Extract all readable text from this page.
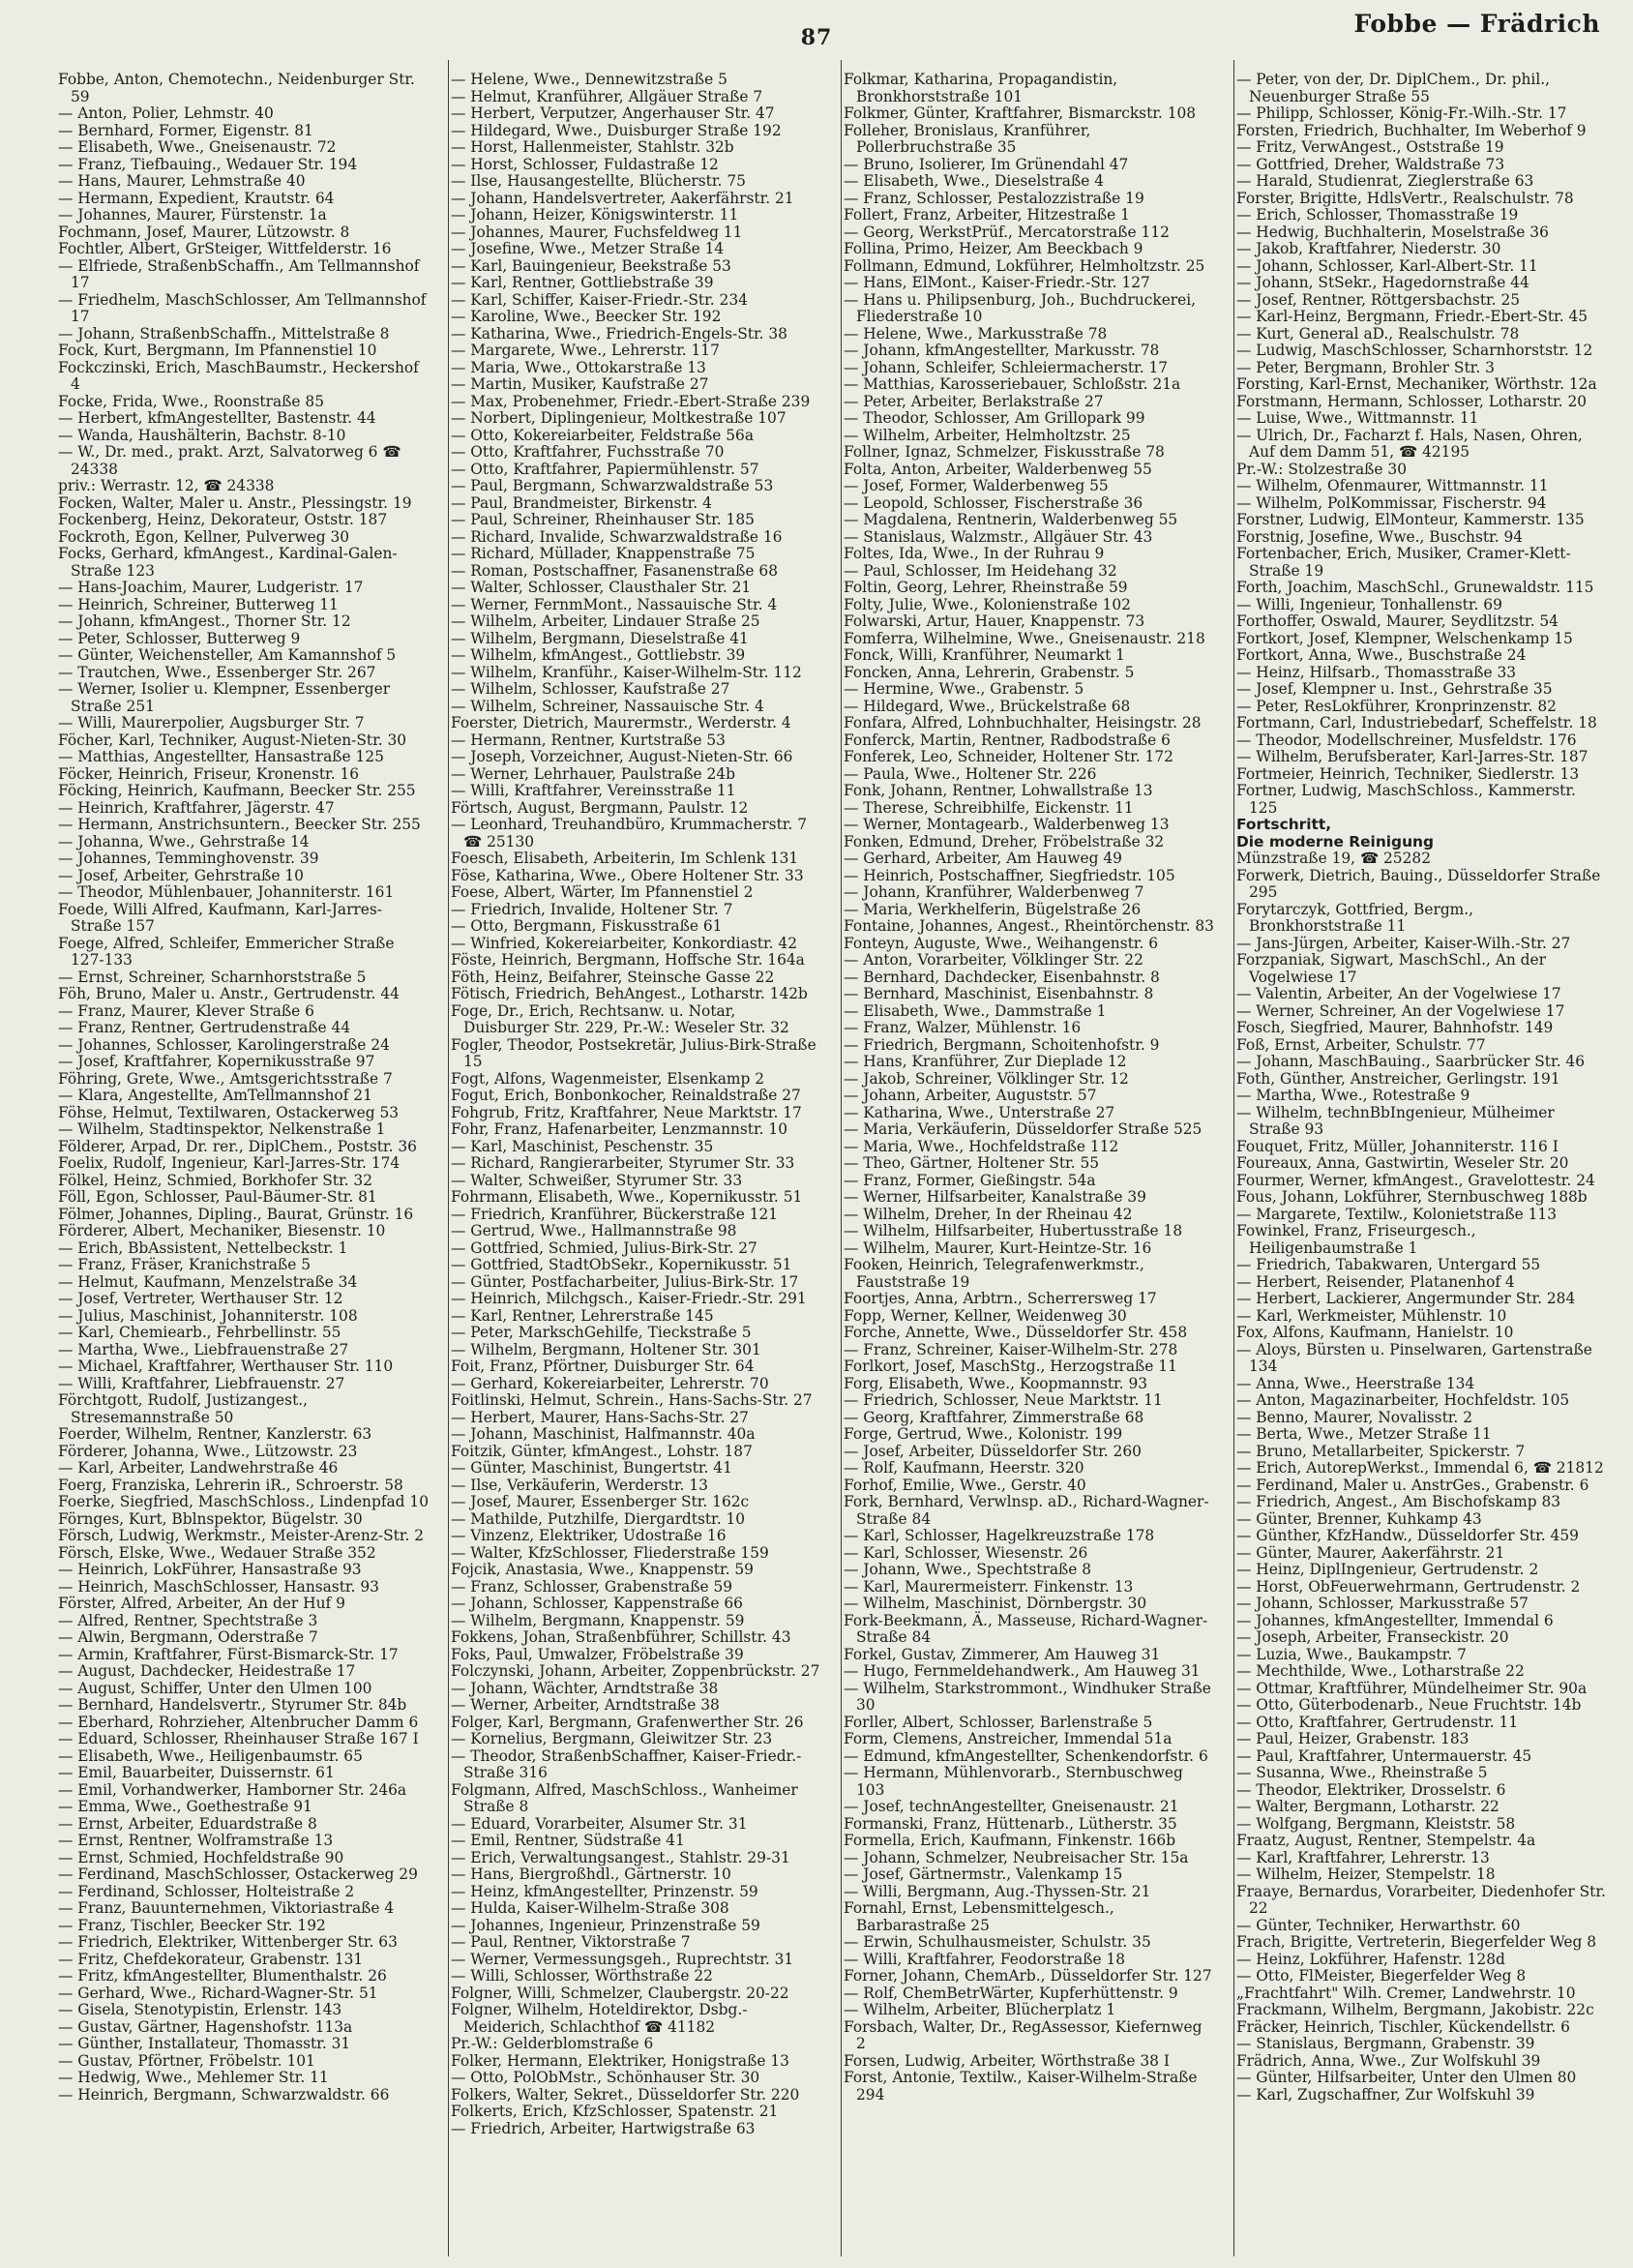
87	Fobbe — Frädrich
Fobbe, Anton, Chemotechn., Neidenburger Str. 59
— Anton, Polier, Lehmstr. 40
— Bernhard, Former, Eigenstr. 81
— Elisabeth, Wwe., Gneisenaustr. 72
— Franz, Tiefbauing., Wedauer Str. 194
— Hans, Maurer, Lehmstraße 40
— Hermann, Expedient, Krautstr. 64
— Johannes, Maurer, Fürstenstr. 1a
Fochmann, Josef, Maurer, Lützowstr. 8
Fochtler, Albert, GrSteiger, Wittfelderstr. 16
— Elfriede, StraßenbSchaffn., Am Tellmannshof 17
— Friedhelm, MaschSchlosser, Am Tellmannshof 17
— Johann, StraßenbSchaffn., Mittelstraße 8
Fock, Kurt, Bergmann, Im Pfannenstiel 10
Fockczinski, Erich, MaschBaumstr., Heckershof 4
Focke, Frida, Wwe., Roonstraße 85
— Herbert, kfmAngestellter, Bastenstr. 44
— Wanda, Haushälterin, Bachstr. 8-10
— W., Dr. med., prakt. Arzt, Salvatorweg 6 ☎ 24338
priv.: Werrastr. 12, ☎ 24338
Focken, Walter, Maler u. Anstr., Plessingstr. 19
Fockenberg, Heinz, Dekorateur, Oststr. 187
Fockroth, Egon, Kellner, Pulverweg 30
Focks, Gerhard, kfmAngest., Kardinal-Galen-Straße 123
— Hans-Joachim, Maurer, Ludgeristr. 17
— Heinrich, Schreiner, Butterweg 11
— Johann, kfmAngest., Thorner Str. 12
— Peter, Schlosser, Butterweg 9
— Günter, Weichensteller, Am Kamannshof 5
— Trautchen, Wwe., Essenberger Str. 267
— Werner, Isolier u. Klempner, Essenberger Straße 251
— Willi, Maurerpolier, Augsburger Str. 7
Föcher, Karl, Techniker, August-Nieten-Str. 30
— Matthias, Angestellter, Hansastraße 125
Föcker, Heinrich, Friseur, Kronenstr. 16
Föcking, Heinrich, Kaufmann, Beecker Str. 255
— Heinrich, Kraftfahrer, Jägerstr. 47
— Hermann, Anstrichsuntern., Beecker Str. 255
— Johanna, Wwe., Gehrstraße 14
— Johannes, Temminghovenstr. 39
— Josef, Arbeiter, Gehrstraße 10
— Theodor, Mühlenbauer, Johanniterstr. 161
Foede, Willi Alfred, Kaufmann, Karl-Jarres-Straße 157
Foege, Alfred, Schleifer, Emmericher Straße 127-133
— Ernst, Schreiner, Scharnhorststraße 5
Föh, Bruno, Maler u. Anstr., Gertrudenstr. 44
— Franz, Maurer, Klever Straße 6
— Franz, Rentner, Gertrudenstraße 44
— Johannes, Schlosser, Karolingerstraße 24
— Josef, Kraftfahrer, Kopernikusstraße 97
Föhring, Grete, Wwe., Amtsgerichtsstraße 7
— Klara, Angestellte, AmTellmannshof 21
Föhse, Helmut, Textilwaren, Ostackerweg 53
— Wilhelm, Stadtinspektor, Nelkenstraße 1
Földerer, Arpad, Dr. rer., DiplChem., Poststr. 36
Foelix, Rudolf, Ingenieur, Karl-Jarres-Str. 174
Fölkel, Heinz, Schmied, Borkhofer Str. 32
Föll, Egon, Schlosser, Paul-Bäumer-Str. 81
Fölmer, Johannes, Dipling., Baurat, Grünstr. 16
Förderer, Albert, Mechaniker, Biesenstr. 10
— Erich, BbAssistent, Nettelbeckstr. 1
— Franz, Fräser, Kranichstraße 5
— Helmut, Kaufmann, Menzelstraße 34
— Josef, Vertreter, Werthauser Str. 12
— Julius, Maschinist, Johanniterstr. 108
— Karl, Chemiearb., Fehrbellinstr. 55
— Martha, Wwe., Liebfrauenstraße 27
— Michael, Kraftfahrer, Werthauser Str. 110
— Willi, Kraftfahrer, Liebfrauenstr. 27
Förchtgott, Rudolf, Justizangest., Stresemannstraße 50
Foerder, Wilhelm, Rentner, Kanzlerstr. 63
Förderer, Johanna, Wwe., Lützowstr. 23
— Karl, Arbeiter, Landwehrstraße 46
Foerg, Franziska, Lehrerin iR., Schroerstr. 58
Foerke, Siegfried, MaschSchloss., Lindenpfad 10
Förnges, Kurt, Bblnspektor, Bügelstr. 30
Försch, Ludwig, Werkmstr., Meister-Arenz-Str. 2
Försch, Elske, Wwe., Wedauer Straße 352
— Heinrich, LokFührer, Hansastraße 93
— Heinrich, MaschSchlosser, Hansastr. 93
Förster, Alfred, Arbeiter, An der Huf 9
— Alfred, Rentner, Spechtstraße 3
— Alwin, Bergmann, Oderstraße 7
— Armin, Kraftfahrer, Fürst-Bismarck-Str. 17
— August, Dachdecker, Heidestraße 17
— August, Schiffer, Unter den Ulmen 100
— Bernhard, Handelsvertr., Styrumer Str. 84b
— Eberhard, Rohrzieher, Altenbrucher Damm 6
— Eduard, Schlosser, Rheinhauser Straße 167 I
— Elisabeth, Wwe., Heiligenbaumstr. 65
— Emil, Bauarbeiter, Duissernstr. 61
— Emil, Vorhandwerker, Hamborner Str. 246a
— Emma, Wwe., Goethestraße 91
— Ernst, Arbeiter, Eduardstraße 8
— Ernst, Rentner, Wolframstraße 13
— Ernst, Schmied, Hochfeldstraße 90
— Ferdinand, MaschSchlosser, Ostackerweg 29
— Ferdinand, Schlosser, Holteistraße 2
— Franz, Bauunternehmen, Viktoriastraße 4
— Franz, Tischler, Beecker Str. 192
— Friedrich, Elektriker, Wittenberger Str. 63
— Fritz, Chefdekorateur, Grabenstr. 131
— Fritz, kfmAngestellter, Blumenthalstr. 26
— Gerhard, Wwe., Richard-Wagner-Str. 51
— Gisela, Stenotypistin, Erlenstr. 143
— Gustav, Gärtner, Hagenshofstr. 113a
— Günther, Installateur, Thomasstr. 31
— Gustav, Pförtner, Fröbelstr. 101
— Hedwig, Wwe., Mehlemer Str. 11
— Heinrich, Bergmann, Schwarzwaldstr. 66
— Helene, Wwe., Dennewitzstraße 5
— Helmut, Kranführer, Allgäuer Straße 7
— Herbert, Verputzer, Angerhauser Str. 47
— Hildegard, Wwe., Duisburger Straße 192
— Horst, Hallenmeister, Stahlstr. 32b
— Horst, Schlosser, Fuldastraße 12
— Ilse, Hausangestellte, Blücherstr. 75
— Johann, Handelsvertreter, Aakerfährstr. 21
— Johann, Heizer, Königswinterstr. 11
— Johannes, Maurer, Fuchsfeldweg 11
— Josefine, Wwe., Metzer Straße 14
— Karl, Bauingenieur, Beekstraße 53
— Karl, Rentner, Gottliebstraße 39
— Karl, Schiffer, Kaiser-Friedr.-Str. 234
— Karoline, Wwe., Beecker Str. 192
— Katharina, Wwe., Friedrich-Engels-Str. 38
— Margarete, Wwe., Lehrerstr. 117
— Maria, Wwe., Ottokarstraße 13
— Martin, Musiker, Kaufstraße 27
— Max, Probenehmer, Friedr.-Ebert-Straße 239
— Norbert, Diplingenieur, Moltkestraße 107
— Otto, Kokereiarbeiter, Feldstraße 56a
— Otto, Kraftfahrer, Fuchsstraße 70
— Otto, Kraftfahrer, Papiermühlenstr. 57
— Paul, Bergmann, Schwarzwaldstraße 53
— Paul, Brandmeister, Birkenstr. 4
— Paul, Schreiner, Rheinhauser Str. 185
— Richard, Invalide, Schwarzwaldstraße 16
— Richard, Müllader, Knappenstraße 75
— Roman, Postschaffner, Fasanenstraße 68
— Walter, Schlosser, Clausthaler Str. 21
— Werner, FernmMont., Nassauische Str. 4
— Wilhelm, Arbeiter, Lindauer Straße 25
— Wilhelm, Bergmann, Dieselstraße 41
— Wilhelm, kfmAngest., Gottliebstr. 39
— Wilhelm, Kranführ., Kaiser-Wilhelm-Str. 112
— Wilhelm, Schlosser, Kaufstraße 27
— Wilhelm, Schreiner, Nassauische Str. 4
Foerster, Dietrich, Maurermstr., Werderstr. 4
— Hermann, Rentner, Kurtstraße 53
— Joseph, Vorzeichner, August-Nieten-Str. 66
— Werner, Lehrhauer, Paulstraße 24b
— Willi, Kraftfahrer, Vereinsstraße 11
Förtsch, August, Bergmann, Paulstr. 12
— Leonhard, Treuhandbüro, Krummacherstr. 7 ☎ 25130
Foesch, Elisabeth, Arbeiterin, Im Schlenk 131
Föse, Katharina, Wwe., Obere Holtener Str. 33
Foese, Albert, Wärter, Im Pfannenstiel 2
— Friedrich, Invalide, Holtener Str. 7
— Otto, Bergmann, Fiskusstraße 61
— Winfried, Kokereiarbeiter, Konkordiastr. 42
Föste, Heinrich, Bergmann, Hoffsche Str. 164a
Föth, Heinz, Beifahrer, Steinsche Gasse 22
Fötisch, Friedrich, BehAngest., Lotharstr. 142b
Foge, Dr., Erich, Rechtsanw. u. Notar, Duisburger Str. 229, Pr.-W.: Weseler Str. 32
Fogler, Theodor, Postsekretär, Julius-Birk-Straße 15
Fogt, Alfons, Wagenmeister, Elsenkamp 2
Fogut, Erich, Bonbonkocher, Reinaldstraße 27
Fohgrub, Fritz, Kraftfahrer, Neue Marktstr. 17
Fohr, Franz, Hafenarbeiter, Lenzmannstr. 10
— Karl, Maschinist, Peschenstr. 35
— Richard, Rangierarbeiter, Styrumer Str. 33
— Walter, Schweißer, Styrumer Str. 33
Fohrmann, Elisabeth, Wwe., Kopernikusstr. 51
— Friedrich, Kranführer, Bückerstraße 121
— Gertrud, Wwe., Hallmannstraße 98
— Gottfried, Schmied, Julius-Birk-Str. 27
— Gottfried, StadtObSekr., Kopernikusstr. 51
— Günter, Postfacharbeiter, Julius-Birk-Str. 17
— Heinrich, Milchgsch., Kaiser-Friedr.-Str. 291
— Karl, Rentner, Lehrerstraße 145
— Peter, MarkschGehilfe, Tieckstraße 5
— Wilhelm, Bergmann, Holtener Str. 301
Foit, Franz, Pförtner, Duisburger Str. 64
— Gerhard, Kokereiarbeiter, Lehrerstr. 70
Foitlinski, Helmut, Schrein., Hans-Sachs-Str. 27
— Herbert, Maurer, Hans-Sachs-Str. 27
— Johann, Maschinist, Halfmannstr. 40a
Foitzik, Günter, kfmAngest., Lohstr. 187
— Günter, Maschinist, Bungertstr. 41
— Ilse, Verkäuferin, Werderstr. 13
— Josef, Maurer, Essenberger Str. 162c
— Mathilde, Putzhilfe, Diergardtstr. 10
— Vinzenz, Elektriker, Udostraße 16
— Walter, KfzSchlosser, Fliederstraße 159
Fojcik, Anastasia, Wwe., Knappenstr. 59
— Franz, Schlosser, Grabenstraße 59
— Johann, Schlosser, Kappenstraße 66
— Wilhelm, Bergmann, Knappenstr. 59
Fokkens, Johan, Straßenbführer, Schillstr. 43
Foks, Paul, Umwalzer, Fröbelstraße 39
Folczynski, Johann, Arbeiter, Zoppenbrückstr. 27
— Johann, Wächter, Arndtstraße 38
— Werner, Arbeiter, Arndtstraße 38
Folger, Karl, Bergmann, Grafenwerther Str. 26
— Kornelius, Bergmann, Gleiwitzer Str. 23
— Theodor, StraßenbSchaffner, Kaiser-Friedr.-Straße 316
Folgmann, Alfred, MaschSchloss., Wanheimer Straße 8
— Eduard, Vorarbeiter, Alsumer Str. 31
— Emil, Rentner, Südstraße 41
— Erich, Verwaltungsangest., Stahlstr. 29-31
— Hans, Biergroßhdl., Gärtnerstr. 10
— Heinz, kfmAngestellter, Prinzenstr. 59
— Hulda, Kaiser-Wilhelm-Straße 308
— Johannes, Ingenieur, Prinzenstraße 59
— Paul, Rentner, Viktorstraße 7
— Werner, Vermessungsgeh., Ruprechtstr. 31
— Willi, Schlosser, Wörthstraße 22
Folgner, Willi, Schmelzer, Claubergstr. 20-22
Folgner, Wilhelm, Hoteldirektor, Dsbg.-Meiderich, Schlachthof ☎ 41182
Pr.-W.: Gelderblomstraße 6
Folker, Hermann, Elektriker, Honigstraße 13
— Otto, PolObMstr., Schönhauser Str. 30
Folkers, Walter, Sekret., Düsseldorfer Str. 220
Folkerts, Erich, KfzSchlosser, Spatenstr. 21
— Friedrich, Arbeiter, Hartwigstraße 63
Folkmar, Katharina, Propagandistin, Bronkhorststraße 101
Folkmer, Günter, Kraftfahrer, Bismarckstr. 108
Folleher, Bronislaus, Kranführer, Pollerbruchstraße 35
— Bruno, Isolierer, Im Grünendahl 47
— Elisabeth, Wwe., Dieselstraße 4
— Franz, Schlosser, Pestalozzistraße 19
Follert, Franz, Arbeiter, Hitzestraße 1
— Georg, WerkstPrüf., Mercatorstraße 112
Follina, Primo, Heizer, Am Beeckbach 9
Follmann, Edmund, Lokführer, Helmholtzstr. 25
— Hans, ElMont., Kaiser-Friedr.-Str. 127
— Hans u. Philipsenburg, Joh., Buchdruckerei, Fliederstraße 10
— Helene, Wwe., Markusstraße 78
— Johann, kfmAngestellter, Markusstr. 78
— Johann, Schleifer, Schleiermacherstr. 17
— Matthias, Karosseriebauer, Schloßstr. 21a
— Peter, Arbeiter, Berlakstraße 27
— Theodor, Schlosser, Am Grillopark 99
— Wilhelm, Arbeiter, Helmholtzstr. 25
Follner, Ignaz, Schmelzer, Fiskusstraße 78
Folta, Anton, Arbeiter, Walderbenweg 55
— Josef, Former, Walderbenweg 55
— Leopold, Schlosser, Fischerstraße 36
— Magdalena, Rentnerin, Walderbenweg 55
— Stanislaus, Walzmstr., Allgäuer Str. 43
Foltes, Ida, Wwe., In der Ruhrau 9
— Paul, Schlosser, Im Heidehang 32
Foltin, Georg, Lehrer, Rheinstraße 59
Folty, Julie, Wwe., Kolonienstraße 102
Folwarski, Artur, Hauer, Knappenstr. 73
Fomferra, Wilhelmine, Wwe., Gneisenaustr. 218
Fonck, Willi, Kranführer, Neumarkt 1
Foncken, Anna, Lehrerin, Grabenstr. 5
— Hermine, Wwe., Grabenstr. 5
— Hildegard, Wwe., Brückelstraße 68
Fonfara, Alfred, Lohnbuchhalter, Heisingstr. 28
Fonferck, Martin, Rentner, Radbodstraße 6
Fonferek, Leo, Schneider, Holtener Str. 172
— Paula, Wwe., Holtener Str. 226
Fonk, Johann, Rentner, Lohwallstraße 13
— Therese, Schreibhilfe, Eickenstr. 11
— Werner, Montagearb., Walderbenweg 13
Fonken, Edmund, Dreher, Fröbelstraße 32
— Gerhard, Arbeiter, Am Hauweg 49
— Heinrich, Postschaffner, Siegfriedstr. 105
— Johann, Kranführer, Walderbenweg 7
— Maria, Werkhelferin, Bügelstraße 26
Fontaine, Johannes, Angest., Rheintörchenstr. 83
Fonteyn, Auguste, Wwe., Weihangenstr. 6
— Anton, Vorarbeiter, Völklinger Str. 22
— Bernhard, Dachdecker, Eisenbahnstr. 8
— Bernhard, Maschinist, Eisenbahnstr. 8
— Elisabeth, Wwe., Dammstraße 1
— Franz, Walzer, Mühlenstr. 16
— Friedrich, Bergmann, Schoitenhofstr. 9
— Hans, Kranführer, Zur Dieplade 12
— Jakob, Schreiner, Völklinger Str. 12
— Johann, Arbeiter, Auguststr. 57
— Katharina, Wwe., Unterstraße 27
— Maria, Verkäuferin, Düsseldorfer Straße 525
— Maria, Wwe., Hochfeldstraße 112
— Theo, Gärtner, Holtener Str. 55
— Franz, Former, Gießingstr. 54a
— Werner, Hilfsarbeiter, Kanalstraße 39
— Wilhelm, Dreher, In der Rheinau 42
— Wilhelm, Hilfsarbeiter, Hubertusstraße 18
— Wilhelm, Maurer, Kurt-Heintze-Str. 16
Fooken, Heinrich, Telegrafenwerkmstr., Fauststraße 19
Foortjes, Anna, Arbtrn., Scherrersweg 17
Fopp, Werner, Kellner, Weidenweg 30
Forche, Annette, Wwe., Düsseldorfer Str. 458
— Franz, Schreiner, Kaiser-Wilhelm-Str. 278
Forlkort, Josef, MaschStg., Herzogstraße 11
Forg, Elisabeth, Wwe., Koopmannstr. 93
— Friedrich, Schlosser, Neue Marktstr. 11
— Georg, Kraftfahrer, Zimmerstraße 68
Forge, Gertrud, Wwe., Kolonistr. 199
— Josef, Arbeiter, Düsseldorfer Str. 260
— Rolf, Kaufmann, Heerstr. 320
Forhof, Emilie, Wwe., Gerstr. 40
Fork, Bernhard, Verwlnsp. aD., Richard-Wagner-Straße 84
— Karl, Schlosser, Hagelkreuzstraße 178
— Karl, Schlosser, Wiesenstr. 26
— Johann, Wwe., Spechtstraße 8
— Karl, Maurermeisterr. Finkenstr. 13
— Wilhelm, Maschinist, Dörnbergstr. 30
Fork-Beekmann, Ä., Masseuse, Richard-Wagner-Straße 84
Forkel, Gustav, Zimmerer, Am Hauweg 31
— Hugo, Fernmeldehandwerk., Am Hauweg 31
— Wilhelm, Starkstrommont., Windhuker Straße 30
Forller, Albert, Schlosser, Barlenstraße 5
Form, Clemens, Anstreicher, Immendal 51a
— Edmund, kfmAngestellter, Schenkendorfstr. 6
— Hermann, Mühlenvorarb., Sternbuschweg 103
— Josef, technAngestellter, Gneisenaustr. 21
Formanski, Franz, Hüttenarb., Lütherstr. 35
Formella, Erich, Kaufmann, Finkenstr. 166b
— Johann, Schmelzer, Neubreisacher Str. 15a
— Josef, Gärtnermstr., Valenkamp 15
— Willi, Bergmann, Aug.-Thyssen-Str. 21
Fornahl, Ernst, Lebensmittelgesch., Barbarastraße 25
— Erwin, Schulhausmeister, Schulstr. 35
— Willi, Kraftfahrer, Feodorstraße 18
Forner, Johann, ChemArb., Düsseldorfer Str. 127
— Rolf, ChemBetrWärter, Kupferhüttenstr. 9
— Wilhelm, Arbeiter, Blücherplatz 1
Forsbach, Walter, Dr., RegAssessor, Kiefernweg 2
Forsen, Ludwig, Arbeiter, Wörthstraße 38 I
Forst, Antonie, Textilw., Kaiser-Wilhelm-Straße 294
— Peter, von der, Dr. DiplChem., Dr. phil., Neuenburger Straße 55
— Philipp, Schlosser, König-Fr.-Wilh.-Str. 17
Forsten, Friedrich, Buchhalter, Im Weberhof 9
— Fritz, VerwAngest., Oststraße 19
— Gottfried, Dreher, Waldstraße 73
— Harald, Studienrat, Zieglerstraße 63
Forster, Brigitte, HdlsVertr., Realschulstr. 78
— Erich, Schlosser, Thomasstraße 19
— Hedwig, Buchhalterin, Moselstraße 36
— Jakob, Kraftfahrer, Niederstr. 30
— Johann, Schlosser, Karl-Albert-Str. 11
— Johann, StSekr., Hagedornstraße 44
— Josef, Rentner, Röttgersbachstr. 25
— Karl-Heinz, Bergmann, Friedr.-Ebert-Str. 45
— Kurt, General aD., Realschulstr. 78
— Ludwig, MaschSchlosser, Scharnhorststr. 12
— Peter, Bergmann, Brohler Str. 3
Forsting, Karl-Ernst, Mechaniker, Wörthstr. 12a
Forstmann, Hermann, Schlosser, Lotharstr. 20
— Luise, Wwe., Wittmannstr. 11
— Ulrich, Dr., Facharzt f. Hals, Nasen, Ohren, Auf dem Damm 51, ☎ 42195
Pr.-W.: Stolzestraße 30
— Wilhelm, Ofenmaurer, Wittmannstr. 11
— Wilhelm, PolKommissar, Fischerstr. 94
Forstner, Ludwig, ElMonteur, Kammerstr. 135
Forstnig, Josefine, Wwe., Buschstr. 94
Fortenbacher, Erich, Musiker, Cramer-Klett-Straße 19
Forth, Joachim, MaschSchl., Grunewaldstr. 115
— Willi, Ingenieur, Tonhallenstr. 69
Forthoffer, Oswald, Maurer, Seydlitzstr. 54
Fortkort, Josef, Klempner, Welschenkamp 15
Fortkort, Anna, Wwe., Buschstraße 24
— Heinz, Hilfsarb., Thomasstraße 33
— Josef, Klempner u. Inst., Gehrstraße 35
— Peter, ResLokführer, Kronprinzenstr. 82
Fortmann, Carl, Industriebedarf, Scheffelstr. 18
— Theodor, Modellschreiner, Musfeldstr. 176
— Wilhelm, Berufsberater, Karl-Jarres-Str. 187
Fortmeier, Heinrich, Techniker, Siedlerstr. 13
Fortner, Ludwig, MaschSchloss., Kammerstr. 125
Fortschritt,
Die moderne Reinigung
Münzstraße 19, ☎ 25282
Forwerk, Dietrich, Bauing., Düsseldorfer Straße 295
Forytarczyk, Gottfried, Bergm., Bronkhorststraße 11
— Jans-Jürgen, Arbeiter, Kaiser-Wilh.-Str. 27
Forzpaniak, Sigwart, MaschSchl., An der Vogelwiese 17
— Valentin, Arbeiter, An der Vogelwiese 17
— Werner, Schreiner, An der Vogelwiese 17
Fosch, Siegfried, Maurer, Bahnhofstr. 149
Foß, Ernst, Arbeiter, Schulstr. 77
— Johann, MaschBauing., Saarbrücker Str. 46
Foth, Günther, Anstreicher, Gerlingstr. 191
— Martha, Wwe., Rotestraße 9
— Wilhelm, technBbIngenieur, Mülheimer Straße 93
Fouquet, Fritz, Müller, Johanniterstr. 116 I
Foureaux, Anna, Gastwirtin, Weseler Str. 20
Fourmer, Werner, kfmAngest., Gravelottestr. 24
Fous, Johann, Lokführer, Sternbuschweg 188b
— Margarete, Textilw., Kolonietstraße 113
Fowinkel, Franz, Friseurgesch., Heiligenbaumstraße 1
— Friedrich, Tabakwaren, Untergard 55
— Herbert, Reisender, Platanenhof 4
— Herbert, Lackierer, Angermunder Str. 284
— Karl, Werkmeister, Mühlenstr. 10
Fox, Alfons, Kaufmann, Hanielstr. 10
— Aloys, Bürsten u. Pinselwaren, Gartenstraße 134
— Anna, Wwe., Heerstraße 134
— Anton, Magazinarbeiter, Hochfeldstr. 105
— Benno, Maurer, Novalisstr. 2
— Berta, Wwe., Metzer Straße 11
— Bruno, Metallarbeiter, Spickerstr. 7
— Erich, AutorepWerkst., Immendal 6, ☎ 21812
— Ferdinand, Maler u. AnstrGes., Grabenstr. 6
— Friedrich, Angest., Am Bischofskamp 83
— Günter, Brenner, Kuhkamp 43
— Günther, KfzHandw., Düsseldorfer Str. 459
— Günter, Maurer, Aakerfährstr. 21
— Heinz, DiplIngenieur, Gertrudenstr. 2
— Horst, ObFeuerwehrmann, Gertrudenstr. 2
— Johann, Schlosser, Markusstraße 57
— Johannes, kfmAngestellter, Immendal 6
— Joseph, Arbeiter, Franseckistr. 20
— Luzia, Wwe., Baukampstr. 7
— Mechthilde, Wwe., Lotharstraße 22
— Ottmar, Kraftführer, Mündelheimer Str. 90a
— Otto, Güterbodenarb., Neue Fruchtstr. 14b
— Otto, Kraftfahrer, Gertrudenstr. 11
— Paul, Heizer, Grabenstr. 183
— Paul, Kraftfahrer, Untermauerstr. 45
— Susanna, Wwe., Rheinstraße 5
— Theodor, Elektriker, Drosselstr. 6
— Walter, Bergmann, Lotharstr. 22
— Wolfgang, Bergmann, Kleiststr. 58
Fraatz, August, Rentner, Stempelstr. 4a
— Karl, Kraftfahrer, Lehrerstr. 13
— Wilhelm, Heizer, Stempelstr. 18
Fraaye, Bernardus, Vorarbeiter, Diedenhofer Str. 22
— Günter, Techniker, Herwarthstr. 60
Frach, Brigitte, Vertreterin, Biegerfelder Weg 8
— Heinz, Lokführer, Hafenstr. 128d
— Otto, FlMeister, Biegerfelder Weg 8
„Frachtfahrt" Wilh. Cremer, Landwehrstr. 10
Frackmann, Wilhelm, Bergmann, Jakobistr. 22c
Fräcker, Heinrich, Tischler, Kückendellstr. 6
— Stanislaus, Bergmann, Grabenstr. 39
Frädrich, Anna, Wwe., Zur Wolfskuhl 39
— Günter, Hilfsarbeiter, Unter den Ulmen 80
— Karl, Zugschaffner, Zur Wolfskuhl 39
